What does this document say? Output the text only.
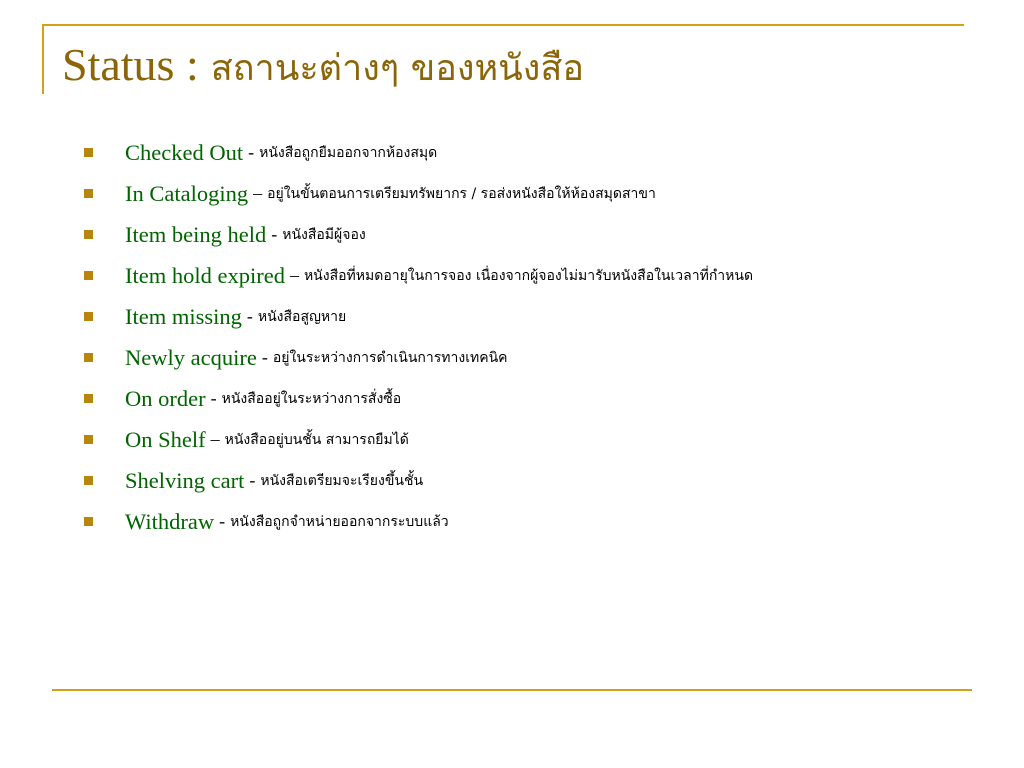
Status : สถานะต่างๆ ของหนังสือ
Checked Out - หนังสือถูกยืมออกจากห้องสมุด
In Cataloging – อยู่ในขั้นตอนการเตรียมทรัพยากร / รอส่งหนังสือให้ห้องสมุดสาขา
Item being held - หนังสือมีผู้จอง
Item hold expired – หนังสือที่หมดอายุในการจอง เนื่องจากผู้จองไม่มารับหนังสือในเวลาที่กำหนด
Item missing - หนังสือสูญหาย
Newly acquire - อยู่ในระหว่างการดำเนินการทางเทคนิค
On order - หนังสืออยู่ในระหว่างการสั่งซื้อ
On Shelf – หนังสืออยู่บนชั้น สามารถยืมได้
Shelving cart - หนังสือเตรียมจะเรียงขึ้นชั้น
Withdraw - หนังสือถูกจำหน่ายออกจากระบบแล้ว
